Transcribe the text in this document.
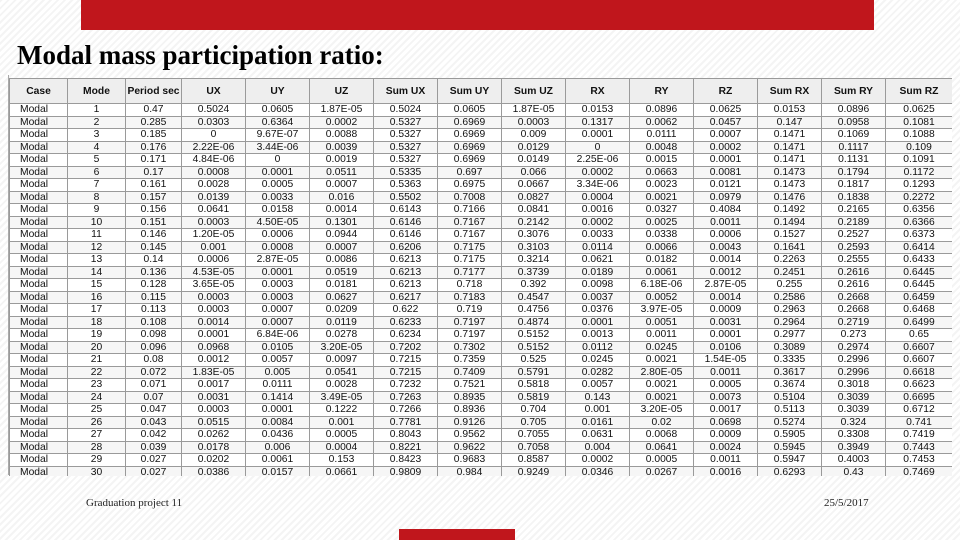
Modal mass participation ratio:
Case	Mode	Period sec	UX	UY	UZ	Sum UX	Sum UY	Sum UZ	RX	RY	RZ	Sum RX	Sum RY	Sum RZ
Modal	1	0.47	0.5024	0.0605	1.87E-05	0.5024	0.0605	1.87E-05	0.0153	0.0896	0.0625	0.0153	0.0896	0.0625
Modal	2	0.285	0.0303	0.6364	0.0002	0.5327	0.6969	0.0003	0.1317	0.0062	0.0457	0.147	0.0958	0.1081
Modal	3	0.185	0	9.67E-07	0.0088	0.5327	0.6969	0.009	0.0001	0.0111	0.0007	0.1471	0.1069	0.1088
Modal	4	0.176	2.22E-06	3.44E-06	0.0039	0.5327	0.6969	0.0129	0	0.0048	0.0002	0.1471	0.1117	0.109
Modal	5	0.171	4.84E-06	0	0.0019	0.5327	0.6969	0.0149	2.25E-06	0.0015	0.0001	0.1471	0.1131	0.1091
Modal	6	0.17	0.0008	0.0001	0.0511	0.5335	0.697	0.066	0.0002	0.0663	0.0081	0.1473	0.1794	0.1172
Modal	7	0.161	0.0028	0.0005	0.0007	0.5363	0.6975	0.0667	3.34E-06	0.0023	0.0121	0.1473	0.1817	0.1293
Modal	8	0.157	0.0139	0.0033	0.016	0.5502	0.7008	0.0827	0.0004	0.0021	0.0979	0.1476	0.1838	0.2272
Modal	9	0.156	0.0641	0.0158	0.0014	0.6143	0.7166	0.0841	0.0016	0.0327	0.4084	0.1492	0.2165	0.6356
Modal	10	0.151	0.0003	4.50E-05	0.1301	0.6146	0.7167	0.2142	0.0002	0.0025	0.0011	0.1494	0.2189	0.6366
Modal	11	0.146	1.20E-05	0.0006	0.0944	0.6146	0.7167	0.3076	0.0033	0.0338	0.0006	0.1527	0.2527	0.6373
Modal	12	0.145	0.001	0.0008	0.0007	0.6206	0.7175	0.3103	0.0114	0.0066	0.0043	0.1641	0.2593	0.6414
Modal	13	0.14	0.0006	2.87E-05	0.0086	0.6213	0.7175	0.3214	0.0621	0.0182	0.0014	0.2263	0.2555	0.6433
Modal	14	0.136	4.53E-05	0.0001	0.0519	0.6213	0.7177	0.3739	0.0189	0.0061	0.0012	0.2451	0.2616	0.6445
Modal	15	0.128	3.65E-05	0.0003	0.0181	0.6213	0.718	0.392	0.0098	6.18E-06	2.87E-05	0.255	0.2616	0.6445
Modal	16	0.115	0.0003	0.0003	0.0627	0.6217	0.7183	0.4547	0.0037	0.0052	0.0014	0.2586	0.2668	0.6459
Modal	17	0.113	0.0003	0.0007	0.0209	0.622	0.719	0.4756	0.0376	3.97E-05	0.0009	0.2963	0.2668	0.6468
Modal	18	0.108	0.0014	0.0007	0.0119	0.6233	0.7197	0.4874	0.0001	0.0051	0.0031	0.2964	0.2719	0.6499
Modal	19	0.098	0.0001	6.84E-06	0.0278	0.6234	0.7197	0.5152	0.0013	0.0011	0.0001	0.2977	0.273	0.65
Modal	20	0.096	0.0968	0.0105	3.20E-05	0.7202	0.7302	0.5152	0.0112	0.0245	0.0106	0.3089	0.2974	0.6607
Modal	21	0.08	0.0012	0.0057	0.0097	0.7215	0.7359	0.525	0.0245	0.0021	1.54E-05	0.3335	0.2996	0.6607
Modal	22	0.072	1.83E-05	0.005	0.0541	0.7215	0.7409	0.5791	0.0282	2.80E-05	0.0011	0.3617	0.2996	0.6618
Modal	23	0.071	0.0017	0.0111	0.0028	0.7232	0.7521	0.5818	0.0057	0.0021	0.0005	0.3674	0.3018	0.6623
Modal	24	0.07	0.0031	0.1414	3.49E-05	0.7263	0.8935	0.5819	0.143	0.0021	0.0073	0.5104	0.3039	0.6695
Modal	25	0.047	0.0003	0.0001	0.1222	0.7266	0.8936	0.704	0.001	3.20E-05	0.0017	0.5113	0.3039	0.6712
Modal	26	0.043	0.0515	0.0084	0.001	0.7781	0.9126	0.705	0.0161	0.02	0.0698	0.5274	0.324	0.741
Modal	27	0.042	0.0262	0.0436	0.0005	0.8043	0.9562	0.7055	0.0631	0.0068	0.0009	0.5905	0.3308	0.7419
Modal	28	0.039	0.0178	0.006	0.0004	0.8221	0.9622	0.7058	0.004	0.0641	0.0024	0.5945	0.3949	0.7443
Modal	29	0.027	0.0202	0.0061	0.153	0.8423	0.9683	0.8587	0.0002	0.0005	0.0011	0.5947	0.4003	0.7453
Modal	30	0.027	0.0386	0.0157	0.0661	0.9809	0.984	0.9249	0.0346	0.0267	0.0016	0.6293	0.43	0.7469
Graduation project 11	25/5/2017
